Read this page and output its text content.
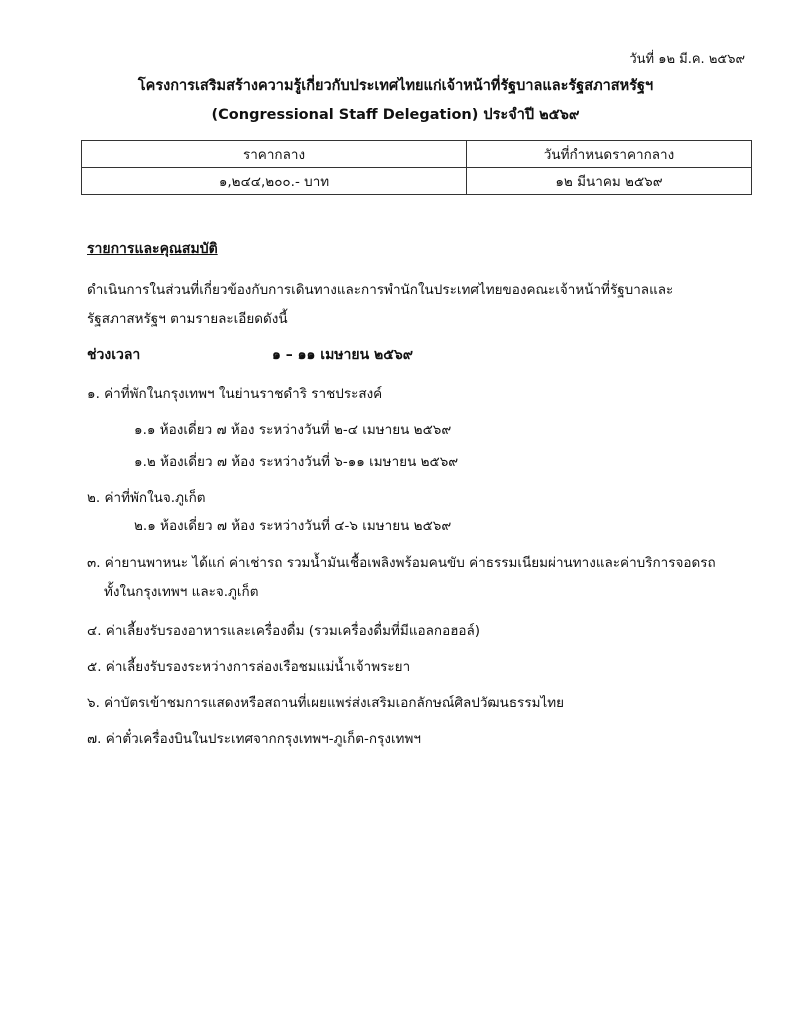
วันที่ ๑๒ มี.ค. ๒๕๖๙
โครงการเสริมสร้างความรู้เกี่ยวกับประเทศไทยแก่เจ้าหน้าที่รัฐบาลและรัฐสภาสหรัฐฯ
(Congressional Staff Delegation) ประจำปี ๒๕๖๙
ราคากลาง	วันที่กำหนดราคากลาง
๑,๒๔๔,๒๐๐.- บาท	๑๒ มีนาคม ๒๕๖๙
รายการและคุณสมบัติ
ดำเนินการในส่วนที่เกี่ยวข้องกับการเดินทางและการพำนักในประเทศไทยของคณะเจ้าหน้าที่รัฐบาลและ
รัฐสภาสหรัฐฯ ตามรายละเอียดดังนี้
ช่วงเวลา	๑ – ๑๑ เมษายน ๒๕๖๙
๑. ค่าที่พักในกรุงเทพฯ ในย่านราชดำริ ราชประสงค์
๑.๑ ห้องเดี่ยว ๗ ห้อง ระหว่างวันที่ ๒-๔ เมษายน ๒๕๖๙
๑.๒ ห้องเดี่ยว ๗ ห้อง ระหว่างวันที่ ๖-๑๑ เมษายน ๒๕๖๙
๒. ค่าที่พักในจ.ภูเก็ต
๒.๑ ห้องเดี่ยว ๗ ห้อง ระหว่างวันที่ ๔-๖ เมษายน ๒๕๖๙
๓. ค่ายานพาหนะ ได้แก่ ค่าเช่ารถ รวมน้ำมันเชื้อเพลิงพร้อมคนขับ ค่าธรรมเนียมผ่านทางและค่าบริการจอดรถ
ทั้งในกรุงเทพฯ และจ.ภูเก็ต
๔. ค่าเลี้ยงรับรองอาหารและเครื่องดื่ม (รวมเครื่องดื่มที่มีแอลกอฮอล์)
๕. ค่าเลี้ยงรับรองระหว่างการล่องเรือชมแม่น้ำเจ้าพระยา
๖. ค่าบัตรเข้าชมการแสดงหรือสถานที่เผยแพร่ส่งเสริมเอกลักษณ์ศิลปวัฒนธรรมไทย
๗. ค่าตั๋วเครื่องบินในประเทศจากกรุงเทพฯ-ภูเก็ต-กรุงเทพฯ
